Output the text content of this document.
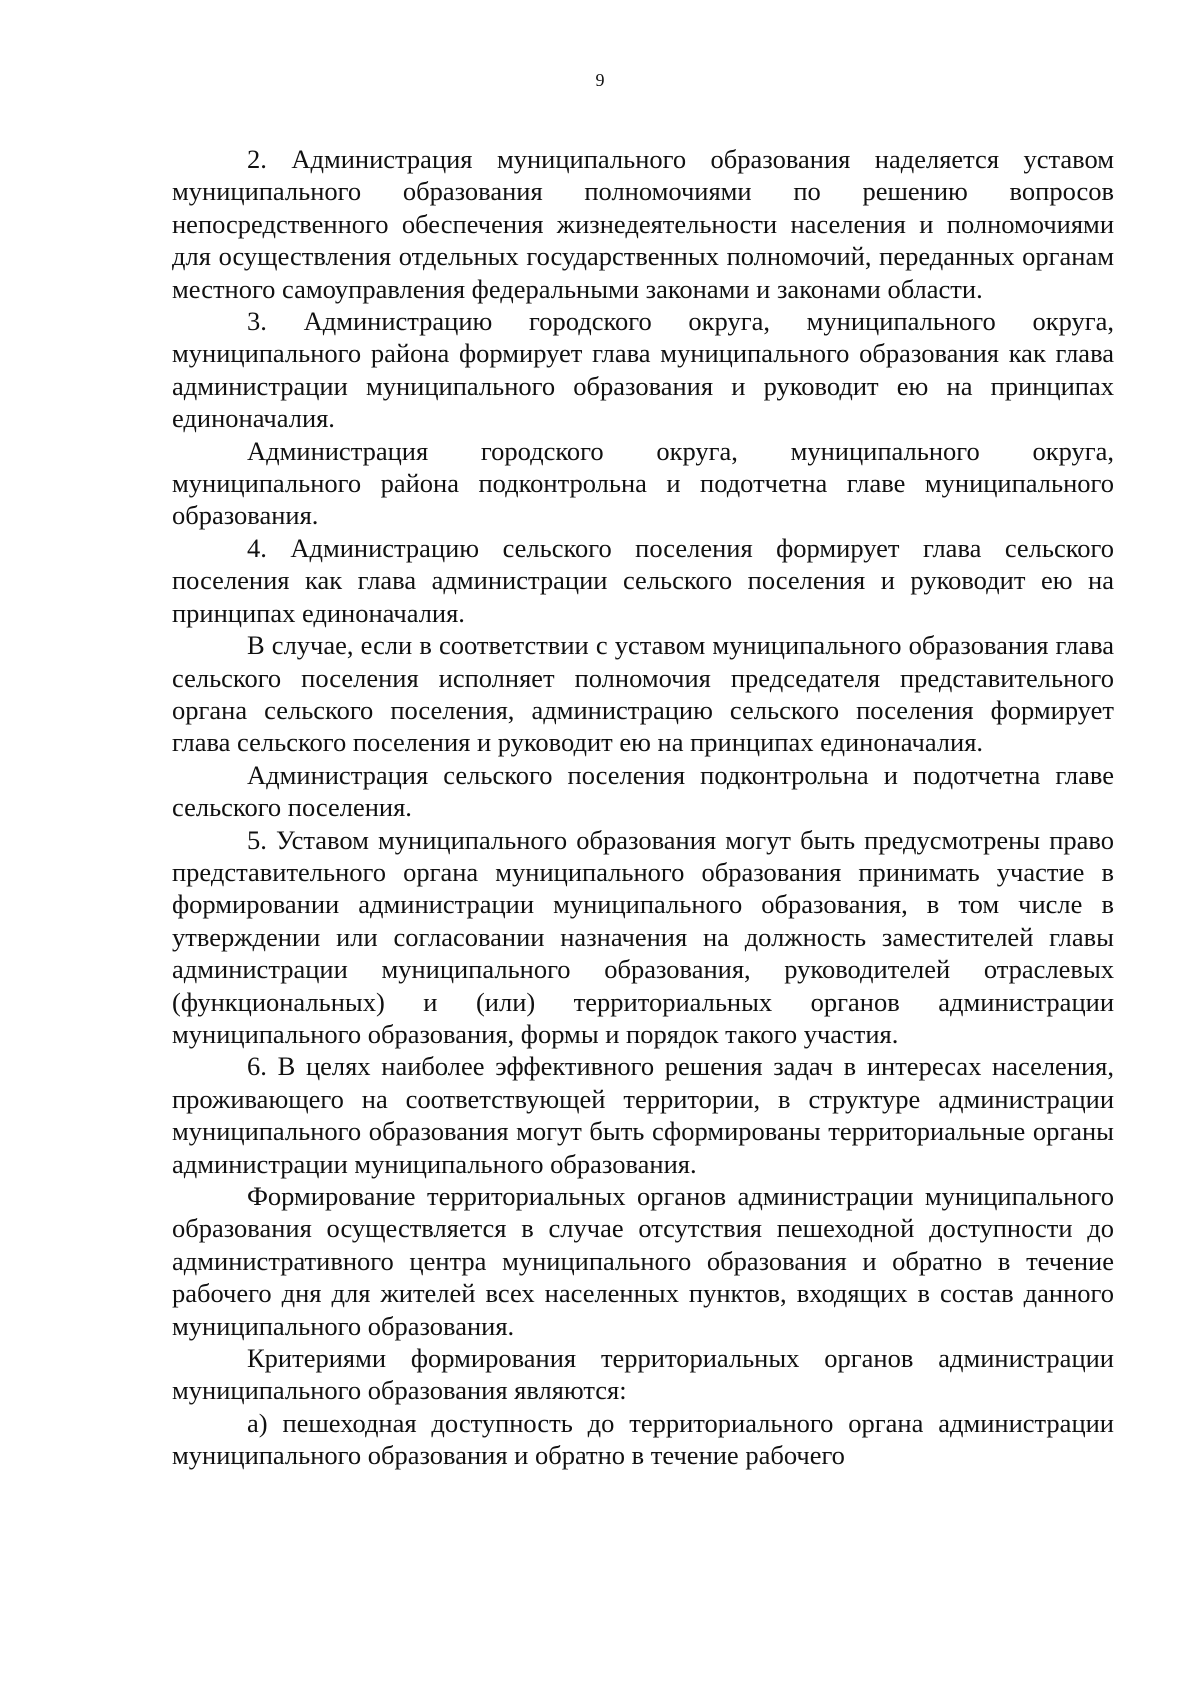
9

2. Администрация муниципального образования наделяется уставом муниципального образования полномочиями по решению вопросов непосредственного обеспечения жизнедеятельности населения и полномочиями для осуществления отдельных государственных полномочий, переданных органам местного самоуправления федеральными законами и законами области.

3. Администрацию городского округа, муниципального округа, муниципального района формирует глава муниципального образования как глава администрации муниципального образования и руководит ею на принципах единоначалия.

Администрация городского округа, муниципального округа, муниципального района подконтрольна и подотчетна главе муниципального образования.

4. Администрацию сельского поселения формирует глава сельского поселения как глава администрации сельского поселения и руководит ею на принципах единоначалия.

В случае, если в соответствии с уставом муниципального образования глава сельского поселения исполняет полномочия председателя представительного органа сельского поселения, администрацию сельского поселения формирует глава сельского поселения и руководит ею на принципах единоначалия.

Администрация сельского поселения подконтрольна и подотчетна главе сельского поселения.

5. Уставом муниципального образования могут быть предусмотрены право представительного органа муниципального образования принимать участие в формировании администрации муниципального образования, в том числе в утверждении или согласовании назначения на должность заместителей главы администрации муниципального образования, руководителей отраслевых (функциональных) и (или) территориальных органов администрации муниципального образования, формы и порядок такого участия.

6. В целях наиболее эффективного решения задач в интересах населения, проживающего на соответствующей территории, в структуре администрации муниципального образования могут быть сформированы территориальные органы администрации муниципального образования.

Формирование территориальных органов администрации муниципального образования осуществляется в случае отсутствия пешеходной доступности до административного центра муниципального образования и обратно в течение рабочего дня для жителей всех населенных пунктов, входящих в состав данного муниципального образования.

Критериями формирования территориальных органов администрации муниципального образования являются:

а) пешеходная доступность до территориального органа администрации муниципального образования и обратно в течение рабочего
